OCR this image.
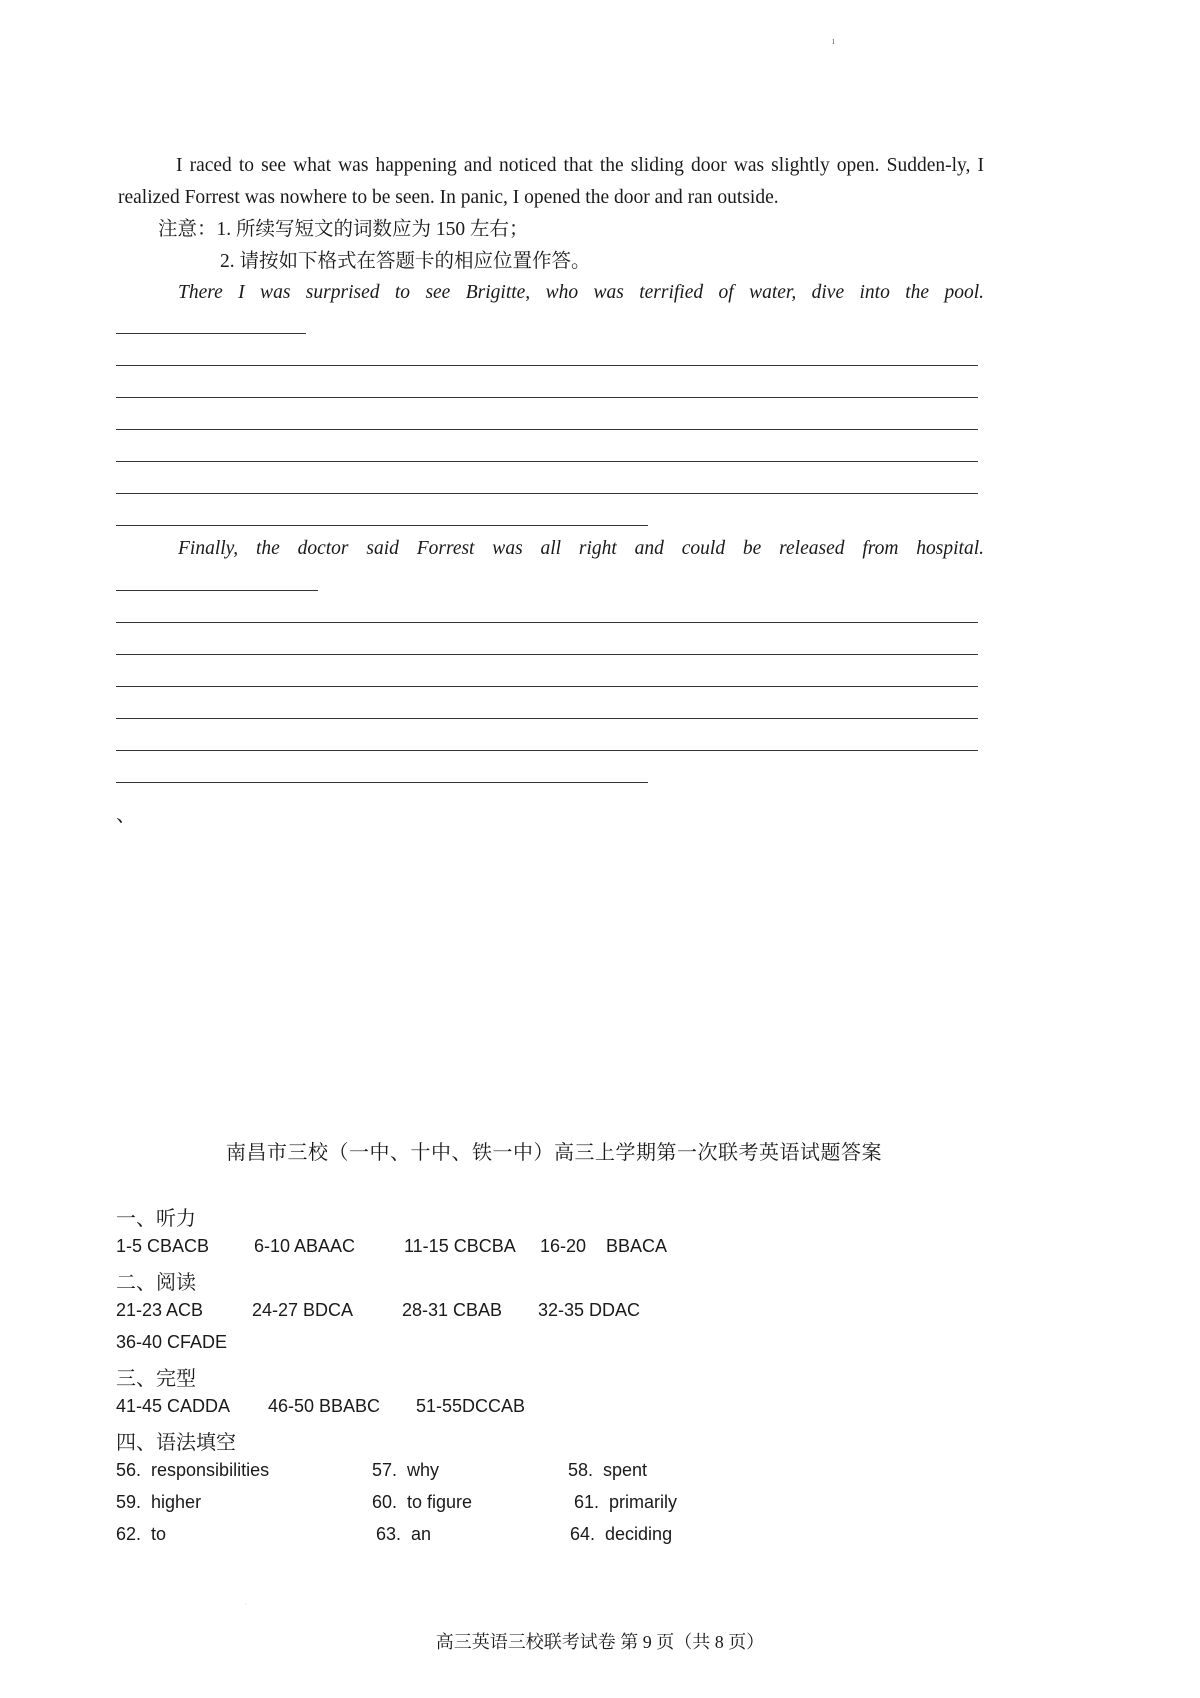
ı

I raced to see what was happening and noticed that the sliding door was slightly open. Sudden-ly, I realized Forrest was nowhere to be seen. In panic, I opened the door and ran outside.

注意：1. 所续写短文的词数应为 150 左右；
2. 请按如下格式在答题卡的相应位置作答。

There I was surprised to see Brigitte, who was terrified of water, dive into the pool.

Finally, the doctor said Forrest was all right and could be released from hospital.

、
南昌市三校（一中、十中、铁一中）高三上学期第一次联考英语试题答案
一、听力
1-5 CBACB 6-10 ABAAC	11-15 CBCBA 16-20    BBACA
二、阅读
21-23 ACB	24-27 BDCA	28-31 CBAB 32-35 DDAC
36-40 CFADE
三、完型
41-45 CADDA 46-50 BBABC 51-55DCCAB
四、语法填空
56.  responsibilities	57.  why	58.  spent
59.  higher	60.  to figure	61.  primarily
62.  to	63.  an	64.  deciding
·
高三英语三校联考试卷 第 9 页（共 8 页）
